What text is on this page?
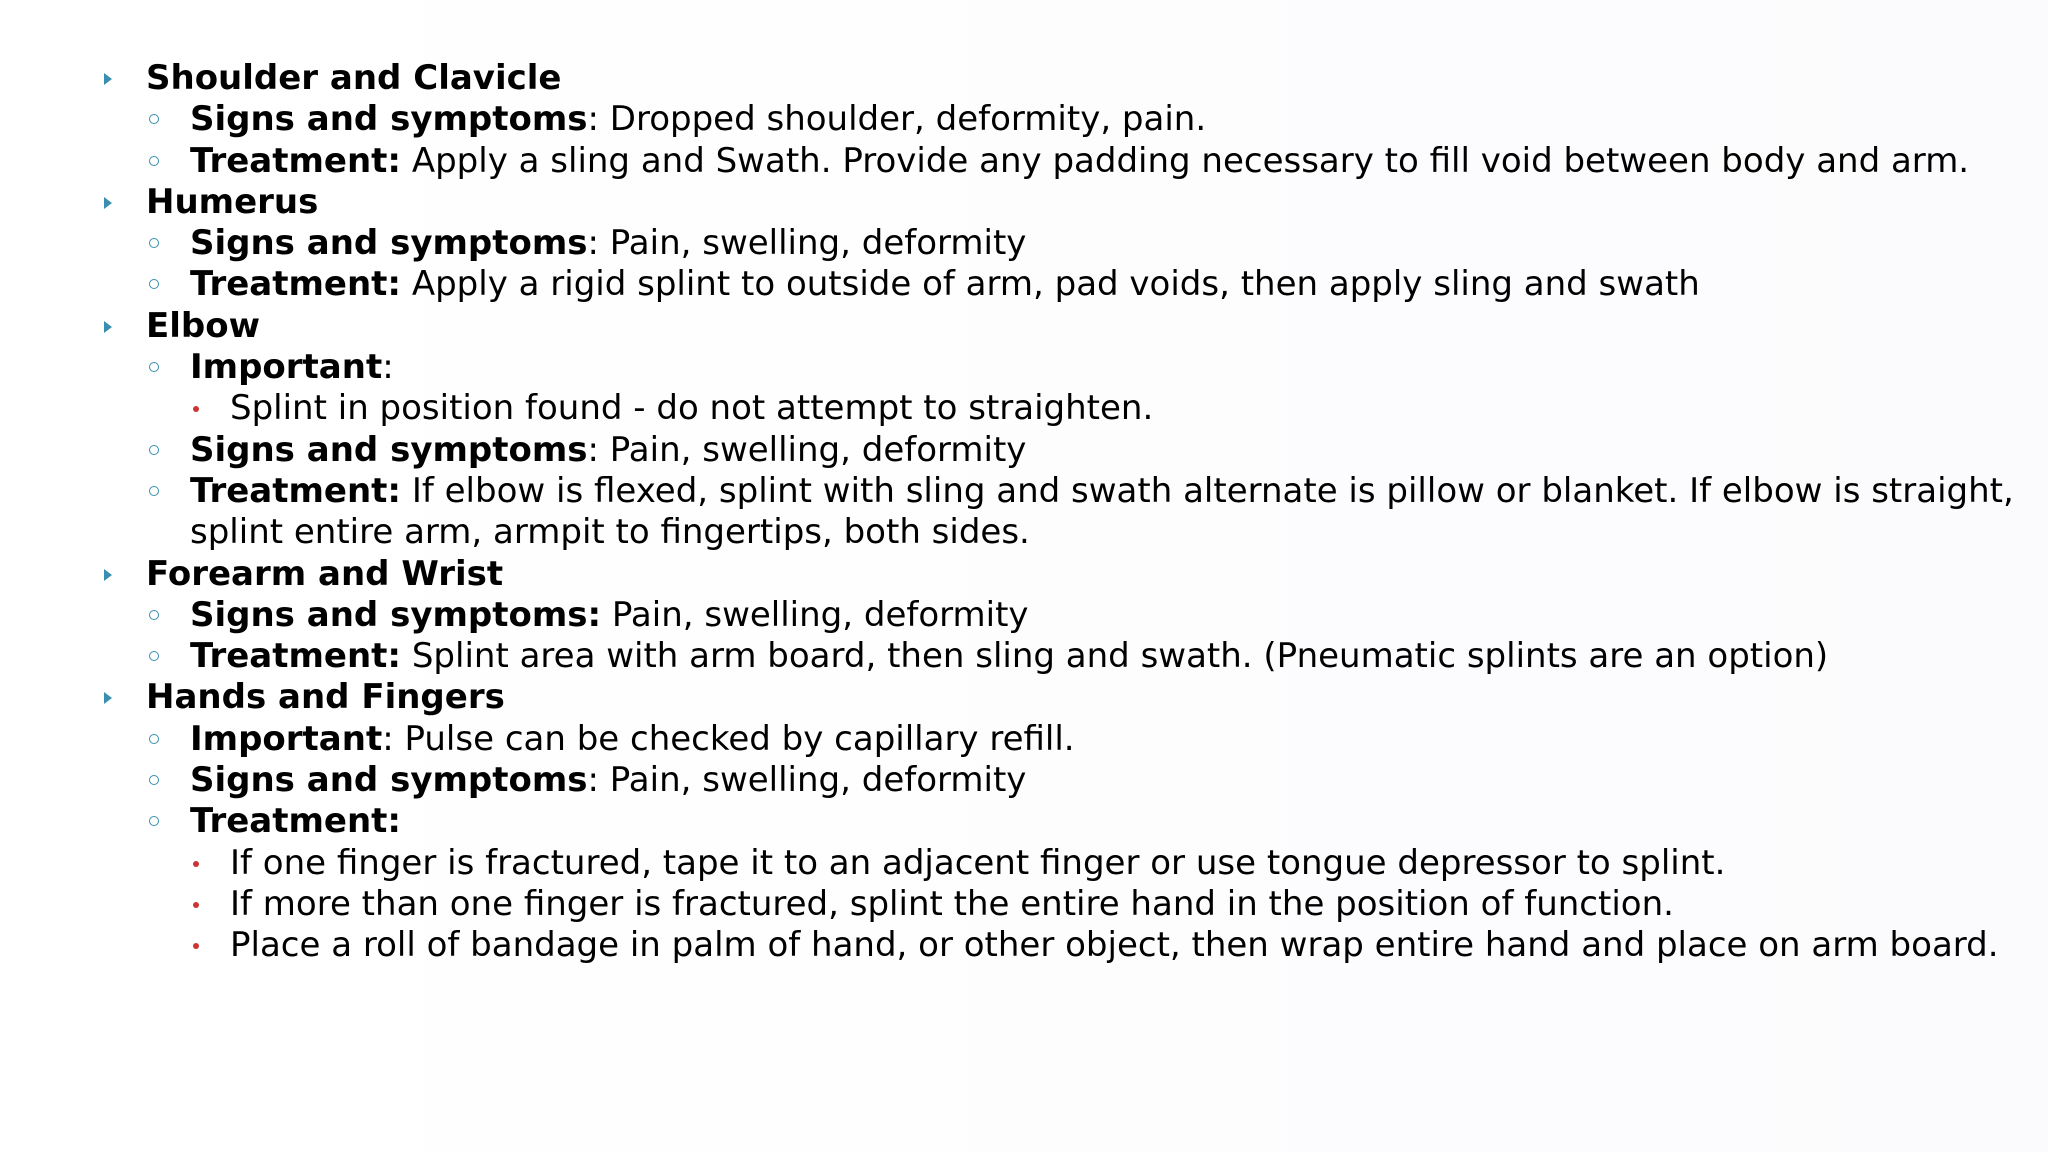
Shoulder and Clavicle
Signs and symptoms: Dropped shoulder, deformity, pain.
Treatment: Apply a sling and Swath. Provide any padding necessary to fill void between body and arm.
Humerus
Signs and symptoms: Pain, swelling, deformity
Treatment: Apply a rigid splint to outside of arm, pad voids, then apply sling and swath
Elbow
Important:
Splint in position found - do not attempt to straighten.
Signs and symptoms: Pain, swelling, deformity
Treatment: If elbow is flexed, splint with sling and swath alternate is pillow or blanket. If elbow is straight,
splint entire arm, armpit to fingertips, both sides.
Forearm and Wrist
Signs and symptoms: Pain, swelling, deformity
Treatment: Splint area with arm board, then sling and swath. (Pneumatic splints are an option)
Hands and Fingers
Important: Pulse can be checked by capillary refill.
Signs and symptoms: Pain, swelling, deformity
Treatment:
If one finger is fractured, tape it to an adjacent finger or use tongue depressor to splint.
If more than one finger is fractured, splint the entire hand in the position of function.
Place a roll of bandage in palm of hand, or other object, then wrap entire hand and place on arm board.
